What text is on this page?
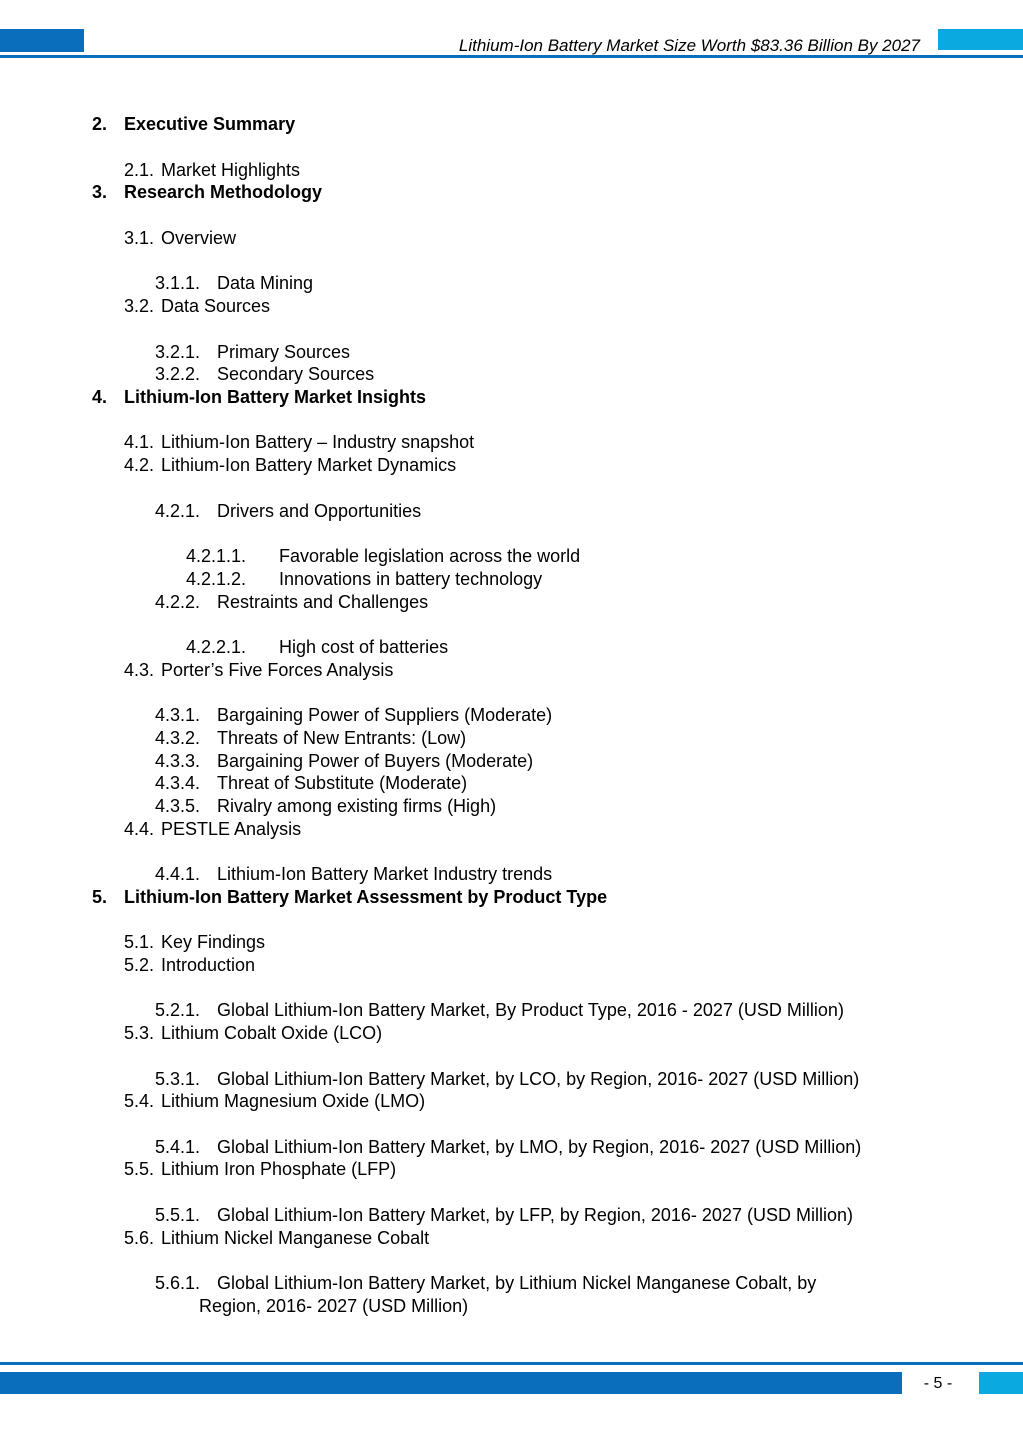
Lithium-Ion Battery Market Size Worth $83.36 Billion By 2027
2. Executive Summary
2.1. Market Highlights
3. Research Methodology
3.1. Overview
3.1.1. Data Mining
3.2. Data Sources
3.2.1. Primary Sources
3.2.2. Secondary Sources
4. Lithium-Ion Battery Market Insights
4.1. Lithium-Ion Battery – Industry snapshot
4.2. Lithium-Ion Battery Market Dynamics
4.2.1. Drivers and Opportunities
4.2.1.1. Favorable legislation across the world
4.2.1.2. Innovations in battery technology
4.2.2. Restraints and Challenges
4.2.2.1. High cost of batteries
4.3. Porter’s Five Forces Analysis
4.3.1. Bargaining Power of Suppliers (Moderate)
4.3.2. Threats of New Entrants: (Low)
4.3.3. Bargaining Power of Buyers (Moderate)
4.3.4. Threat of Substitute (Moderate)
4.3.5. Rivalry among existing firms (High)
4.4. PESTLE Analysis
4.4.1. Lithium-Ion Battery Market Industry trends
5. Lithium-Ion Battery Market Assessment by Product Type
5.1. Key Findings
5.2. Introduction
5.2.1. Global Lithium-Ion Battery Market, By Product Type, 2016 - 2027 (USD Million)
5.3. Lithium Cobalt Oxide (LCO)
5.3.1. Global Lithium-Ion Battery Market, by LCO, by Region, 2016- 2027 (USD Million)
5.4. Lithium Magnesium Oxide (LMO)
5.4.1. Global Lithium-Ion Battery Market, by LMO, by Region, 2016- 2027 (USD Million)
5.5. Lithium Iron Phosphate (LFP)
5.5.1. Global Lithium-Ion Battery Market, by LFP, by Region, 2016- 2027 (USD Million)
5.6. Lithium Nickel Manganese Cobalt
5.6.1. Global Lithium-Ion Battery Market, by Lithium Nickel Manganese Cobalt, by
Region, 2016- 2027 (USD Million)
- 5 -
